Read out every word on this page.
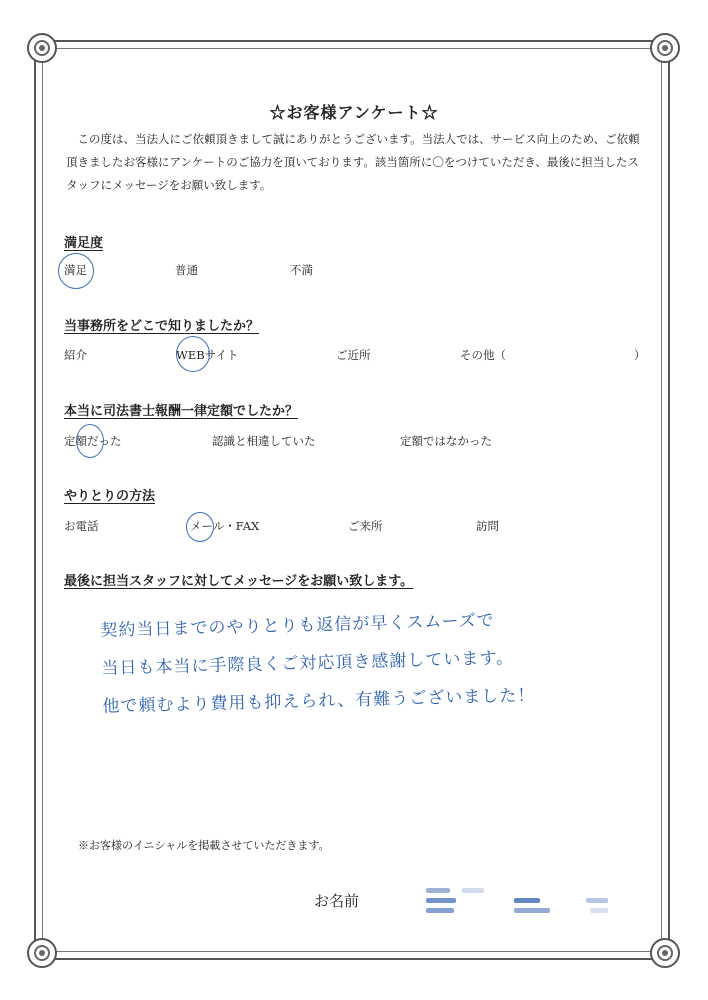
☆お客様アンケート☆
この度は、当法人にご依頼頂きまして誠にありがとうございます。当法人では、サービス向上のため、ご依頼頂きましたお客様にアンケートのご協力を頂いております。該当箇所に〇をつけていただき、最後に担当したスタッフにメッセージをお願い致します。
満足度
満足	普通	不満
当事務所をどこで知りましたか？
紹介	WEBサイト	ご近所	その他（	）
本当に司法書士報酬一律定額でしたか？
定額だった	認識と相違していた	定額ではなかった
やりとりの方法
お電話	メール・FAX	ご来所	訪問
最後に担当スタッフに対してメッセージをお願い致します。
契約当日までのやりとりも返信が早くスムーズで
当日も本当に手際良くご対応頂き感謝しています。
他で頼むより費用も抑えられ、有難うございました！
※お客様のイニシャルを掲載させていただきます。
お名前
